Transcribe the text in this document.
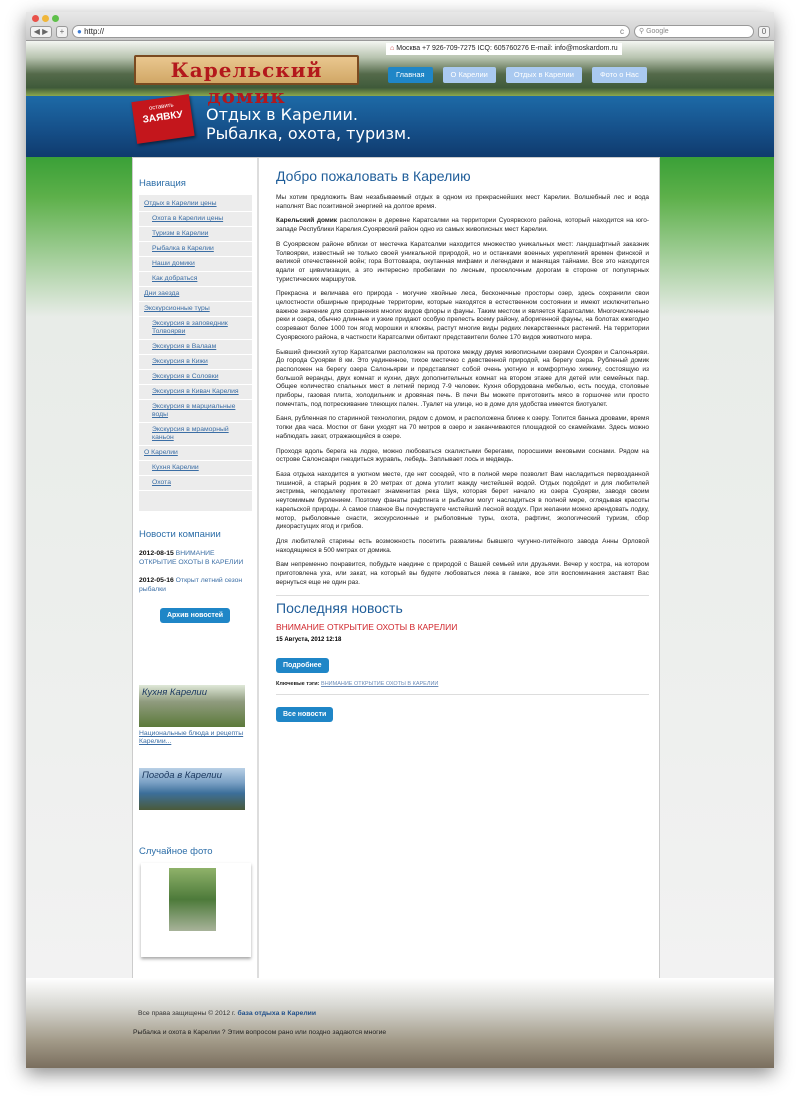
◀ ▶	+	● http://	c	⚲ Google	0
Карельский домик
⌂ Москва +7 926-709-7275 ICQ: 605760276 E-mail: info@moskardom.ru
Главная	О Карелии	Отдых в Карелии	Фото о Нас
оставить
ЗАЯВКУ	Отдых в Карелии.
Рыбалка, охота, туризм.
Навигация
Отдых в Карелии цены
Охота в Карелии цены
Туризм в Карелии
Рыбалка в Карелии
Наши домики
Как добраться
Дни заезда
Экскурсионные туры
Экскурсия в заповедник Толвоярви
Экскурсия в Валаам
Экскурсия в Кижи
Экскурсия в Соловки
Экскурсия в Кивач Карелия
Экскурсия в марциальные воды
Экскурсия в мраморный каньон
О Карелии
Кухня Карелии
Охота
Новости компании
2012-08-15 ВНИМАНИЕ ОТКРЫТИЕ ОХОТЫ В КАРЕЛИИ
2012-05-16 Открыт летний сезон рыбалки
Архив новостей
Кухня Карелии
Национальные блюда и рецепты Карелии...
Погода в Карелии
Случайное фото
Добро пожаловать в Карелию

Мы хотим предложить Вам незабываемый отдых в одном из прекраснейших мест Карелии. Волшебный лес и вода наполнят Вас позитивной энергией на долгое время.

Карельский домик расположен в деревне Каратсалми на территории Суоярвского района, который находится на юго-западе Республики Карелия.Суоярвский район одно из самых живописных мест Карелии.

В Суоярвском районе вблизи от местечка Каратсалми находится множество уникальных мест: ландшафтный заказник Толвоярви, известный не только своей уникальной природой, но и останками военных укреплений времен финской и великой отечественной войн; гора Воттоваара, окутанная мифами и легендами и манящая тайнами. Все это находится вдали от цивилизации, а это интересно пробегами по лесным, проселочным дорогам в стороне от популярных туристических маршрутов.

Прекрасна и величава его природа - могучие хвойные леса, бесконечные просторы озер, здесь сохранили свои целостности обширные природные территории, которые находятся в естественном состоянии и имеют исключительно важное значение для сохранения многих видов флоры и фауны. Таким местом и является Каратсалми. Многочисленные реки и озера, обычно длинные и узкие придают особую прелесть всему району, аборигенной фауны, на болотах ежегодно созревают более 1000 тон ягод морошки и клюквы, растут многие виды редких лекарственных растений. На территории Суоярвского района, в частности Каратсалми обитают представители более 170 видов животного мира.

Бывший финский хутор Каратсалми расположен на протоке между двумя живописными озерами Суоярви и Салоньярви. До города Суоярви 8 км. Это уединенное, тихое местечко с девственной природой, на берегу озера. Рубленый домик расположен на берегу озера Салоньярви и представляет собой очень уютную и комфортную хижину, состоящую из большой веранды, двух комнат и кухни, двух дополнительных комнат на втором этаже для детей или семейных пар. Общее количество спальных мест в летний период 7-9 человек. Кухня оборудована мебелью, есть посуда, столовые приборы, газовая плита, холодильник и дровяная печь. В печи Вы можете приготовить мясо в горшочке или просто помечтать, под потрескивание тлеющих пален. .Туалет на улице, но в доме для удобства имеется биотуалет.

Баня, рубленная по старинной технологии, рядом с домом, и расположена ближе к озеру. Топится банька дровами, время топки два часа. Мостки от бани уходят на 70 метров в озеро и заканчиваются площадкой со скамейками. Здесь можно наблюдать закат, отражающийся в озере.

Проходя вдоль берега на лодке, можно любоваться скалистыми берегами, поросшими вековыми соснами. Рядом на острове Салонсаари гнездиться журавль, лебедь. Заплывает лось и медведь.

База отдыха находится в уютном месте, где нет соседей, что в полной мере позволит Вам насладиться первозданной тишиной, а старый родник в 20 метрах от дома утолит жажду чистейшей водой. Отдых подойдет и для любителей экстрима, неподалеку протекает знаменитая река Шуя, которая берет начало из озера Суоярви, заводя своим неутомимым бурлением. Поэтому фанаты рафтинга и рыбалки могут насладиться в полной мере, оглядывая красоты карельской природы. А самое главное Вы почувствуете чистейший лесной воздух. При желании можно арендовать лодку, мотор, рыболовные снасти, экскурсионные и рыболовные туры, охота, рафтинг, экологический туризм, сбор дикорастущих ягод и грибов.

Для любителей старины есть возможность посетить развалины бывшего чугунно-литейного завода Анны Орловой находящиеся в 500 метрах от домика.

Вам непременно понравится, побудьте наедине с природой с Вашей семьей или друзьями. Вечер у костра, на котором приготовлена уха, или закат, на который вы будете любоваться лежа в гамаке, все эти воспоминания заставят Вас вернуться еще не один раз.

Последняя новость
ВНИМАНИЕ ОТКРЫТИЕ ОХОТЫ В КАРЕЛИИ
15 Августа, 2012 12:18
Подробнее
Ключевые тэги: ВНИМАНИЕ ОТКРЫТИЕ ОХОТЫ В КАРЕЛИИ
Все новости
Все права защищены © 2012 г. база отдыха в Карелии
Рыбалка и охота в Карелии ? Этим вопросом рано или поздно задаются многие
